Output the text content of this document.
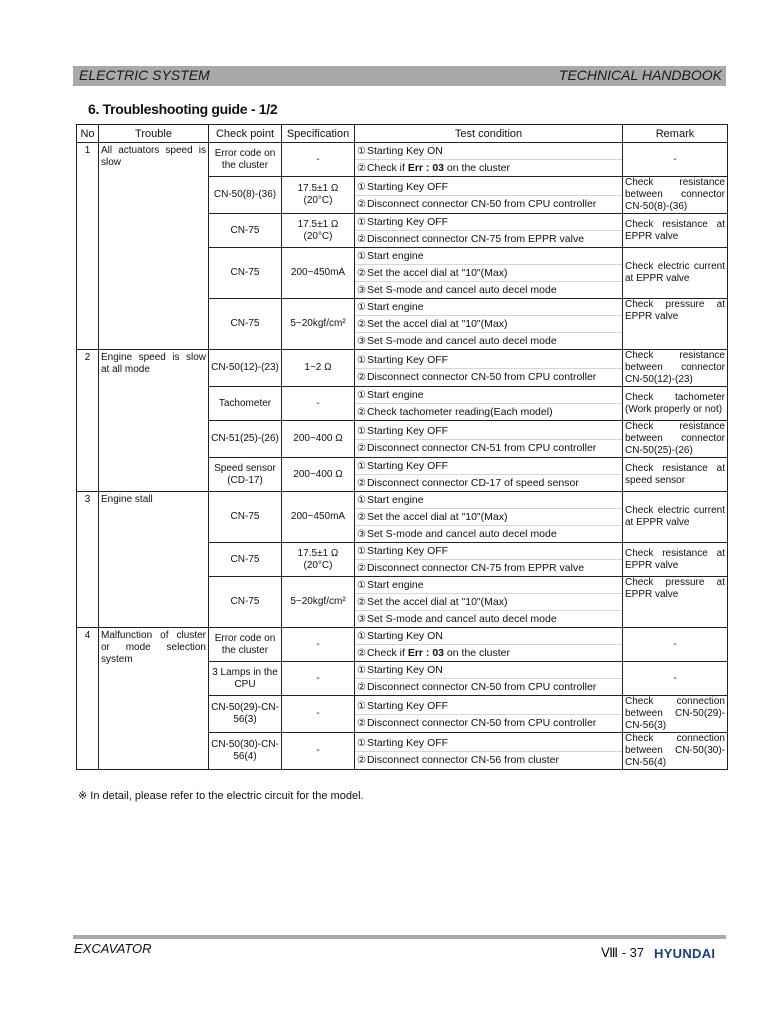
ELECTRIC SYSTEM	TECHNICAL HANDBOOK
6. Troubleshooting guide - 1/2
No	Trouble	Check point	Specification	Test condition	Remark
1	All actuators speed is slow	Error code on the cluster	-	①Starting Key ON
②Check if Err : 03 on the cluster	-
		CN-50(8)-(36)	17.5±1 Ω (20°C)	①Starting Key OFF
②Disconnect connector CN-50 from CPU controller	Check resistance between connector CN-50(8)-(36)
		CN-75	17.5±1 Ω (20°C)	①Starting Key OFF
②Disconnect connector CN-75 from EPPR valve	Check resistance at EPPR valve
		CN-75	200~450mA	①Start engine
②Set the accel dial at "10"(Max)
③Set S-mode and cancel auto decel mode	Check electric current at EPPR valve
		CN-75	5~20kgf/cm²	①Start engine
②Set the accel dial at "10"(Max)
③Set S-mode and cancel auto decel mode	Check pressure at EPPR valve
2	Engine speed is slow at all mode	CN-50(12)-(23)	1~2 Ω	①Starting Key OFF
②Disconnect connector CN-50 from CPU controller	Check resistance between connector CN-50(12)-(23)
		Tachometer	-	①Start engine
②Check tachometer reading(Each model)	Check tachometer (Work properly or not)
		CN-51(25)-(26)	200~400 Ω	①Starting Key OFF
②Disconnect connector CN-51 from CPU controller	Check resistance between connector CN-50(25)-(26)
		Speed sensor (CD-17)	200~400 Ω	①Starting Key OFF
②Disconnect connector CD-17 of speed sensor	Check resistance at speed sensor
3	Engine stall	CN-75	200~450mA	①Start engine
②Set the accel dial at "10"(Max)
③Set S-mode and cancel auto decel mode	Check electric current at EPPR valve
		CN-75	17.5±1 Ω (20°C)	①Starting Key OFF
②Disconnect connector CN-75 from EPPR valve	Check resistance at EPPR valve
		CN-75	5~20kgf/cm²	①Start engine
②Set the accel dial at "10"(Max)
③Set S-mode and cancel auto decel mode	Check pressure at EPPR valve
4	Malfunction of cluster or mode selection system	Error code on the cluster	-	①Starting Key ON
②Check if Err : 03 on the cluster	-
		3 Lamps in the CPU	-	①Starting Key ON
②Disconnect connector CN-50 from CPU controller	-
		CN-50(29)-CN-56(3)	-	①Starting Key OFF
②Disconnect connector CN-50 from CPU controller	Check connection between CN-50(29)-CN-56(3)
		CN-50(30)-CN-56(4)	-	①Starting Key OFF
②Disconnect connector CN-56 from cluster	Check connection between CN-50(30)-CN-56(4)
※ In detail, please refer to the electric circuit for the model.
EXCAVATOR	Ⅷ - 37 HYUNDAI
